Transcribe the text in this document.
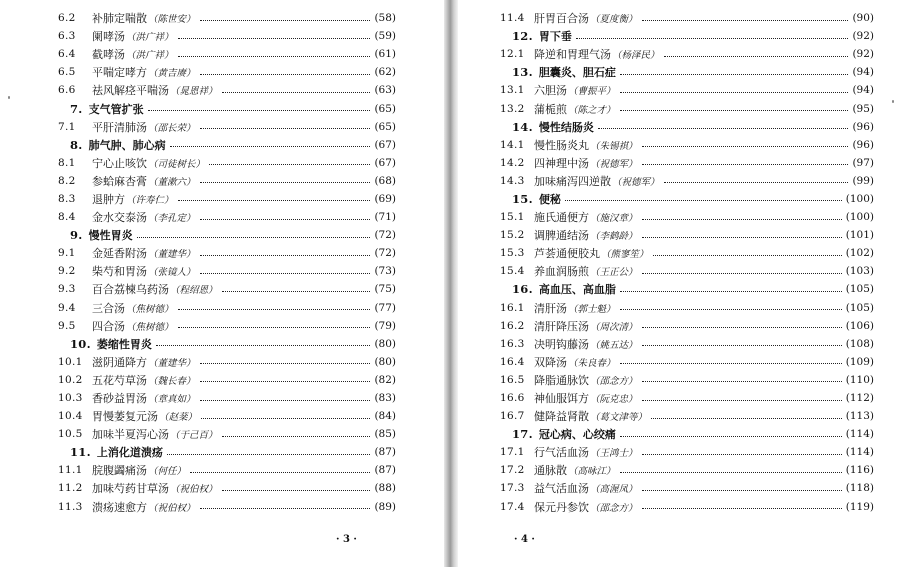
6.2	补肺定喘散 （陈世安）	(58)
6.3	阑哮汤 （洪广祥）	(59)
6.4	截哮汤 （洪广祥）	(61)
6.5	平喘定哮方 （黄吉赓）	(62)
6.6	祛风解痉平喘汤 （晁恩祥）	(63)
7. 支气管扩张	(65)
7.1	平肝清肺汤 （邵长荣）	(65)
8. 肺气肿、肺心病	(67)
8.1	宁心止咳饮 （司徒树长）	(67)
8.2	参蛤麻杏膏 （董漱六）	(68)
8.3	退肿方 （许寿仁）	(69)
8.4	金水交泰汤 （李孔定）	(71)
9. 慢性胃炎	(72)
9.1	金延香附汤 （董建华）	(72)
9.2	柴芍和胃汤 （张镜人）	(73)
9.3	百合荔楝乌药汤 （程绍恩）	(75)
9.4	三合汤 （焦树德）	(77)
9.5	四合汤 （焦树德）	(79)
10. 萎缩性胃炎	(80)
10.1 滋阴通降方 （董建华）	(80)
10.2 五花芍草汤 （魏长春）	(82)
10.3 香砂益胃汤 （章真如）	(83)
10.4 胃慢萎复元汤 （赵棻）	(84)
10.5 加味半夏泻心汤 （于己百）	(85)
11. 上消化道溃疡	(87)
11.1 脘腹蠲痛汤 （何任）	(87)
11.2 加味芍药甘草汤 （祝伯权）	(88)
11.3 溃疡速愈方 （祝伯权）	(89)
· 3 ·
11.4 肝胃百合汤 （夏度衡）	(90)
12. 胃下垂	(92)
12.1 降逆和胃理气汤 （杨泽民）	(92)
13. 胆囊炎、胆石症	(94)
13.1 六胆汤 （曹振平）	(94)
13.2 蒲栀煎 （陈之才）	(95)
14. 慢性结肠炎	(96)
14.1 慢性肠炎丸 （朱锡祺）	(96)
14.2 四神理中汤 （祝德军）	(97)
14.3 加味痛泻四逆散 （祝德军）	(99)
15. 便秘	(100)
15.1 施氏通便方 （施汉章）	(100)
15.2 调脾通结汤 （李鹤龄）	(101)
15.3 芦荟通便胶丸 （熊寥笙）	(102)
15.4 养血润肠煎 （王正公）	(103)
16. 高血压、高血脂	(105)
16.1 清肝汤 （郭士魁）	(105)
16.2 清肝降压汤 （周次清）	(106)
16.3 决明钩藤汤 （姚五达）	(108)
16.4 双降汤 （朱良春）	(109)
16.5 降脂通脉饮 （邵念方）	(110)
16.6 神仙服饵方 （阮克忠）	(112)
16.7 健降益肾散 （葛文津等）	(113)
17. 冠心病、心绞痛	(114)
17.1 行气活血汤 （王鸿士）	(114)
17.2 通脉散 （高咏江）	(116)
17.3 益气活血汤 （高渥凤）	(118)
17.4 保元丹参饮 （邵念方）	(119)
· 4 ·
